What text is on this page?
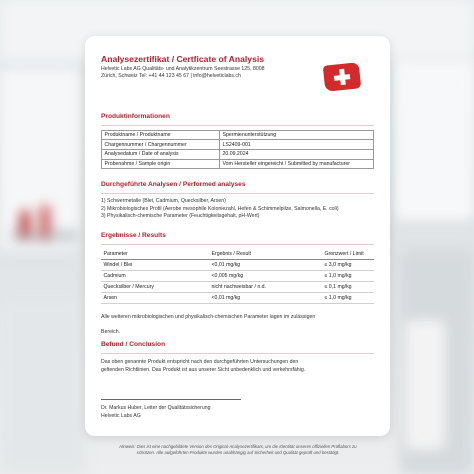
Analysezertifikat / Certficate of Analysis
Helvetic Labs AG Qualitäts- und Analytikzentrum Seestrasse 125, 8008
Zürich, Schweiz Tel: +41 44 123 45 67 | info@helveticlabs.ch
Produktinformationen
Produktname / Produktname	Spermienunterstützung
Chargennummer / Chargennummer	LS2409-001
Analysedatum / Date of analysis	20.09.2024
Probenahme / Sample origin	Vom Hersteller eingereicht / Submitted by manufacturer
Durchgeführte Analysen / Performed analyses
1) Schwermetalle (Blei, Cadmium, Quecksilber, Arsen)
2) Mikrobiologisches Profil (Aerobe mesophile Koloniezahl, Hefen & Schimmelpilze, Salmonella, E. coli)
3) Physikalisch-chemische Parameter (Feuchtigkeitsgehalt, pH-Wert)
Ergebnisse / Results
Parameter	Ergebnis / Result	Grenzwert / Limit
Windel / Blei	<0,01 mg/kg	≤ 3,0 mg/kg
Cadmium	<0,005 mg/kg	≤ 1,0 mg/kg
Quecksilber / Mercury	nicht nachweisbar / n.d.	≤ 0,1 mg/kg
Arsen	<0,01 mg/kg	≤ 1,0 mg/kg
Alle weiteren mikrobiologischen und physikalisch-chemischen Parameter lagen im zulässigen
Bereich.
Befund / Conclusion
Das oben genannte Produkt entspricht nach den durchgeführten Untersuchungen den
geltenden Richtlinien. Das Produkt ist aus unserer Sicht unbedenklich und verkehrsfähig.
Dr. Markus Huber, Leiter der Qualitätssicherung
Helvetic Labs AG
Hinweis: Dies ist eine nachgebildete Version des Original-Analysezertifikats, um die Identität unseres offiziellen Prüflabors zu
schützen. Alle aufgeführten Produkte wurden unabhängig auf Sicherheit und Qualität geprüft und bestätigt.
